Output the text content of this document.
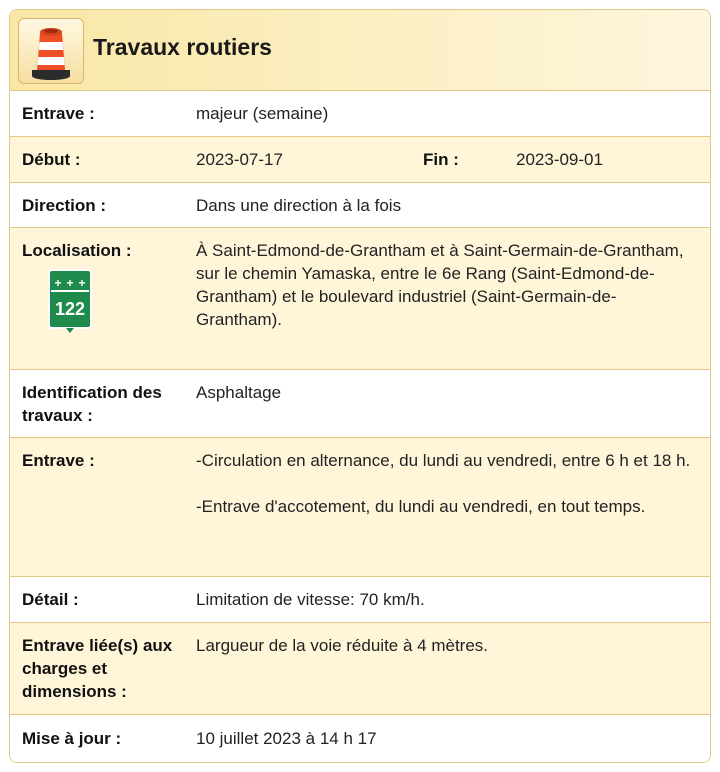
Travaux routiers
Entrave :	majeur (semaine)
Début :	2023-07-17	Fin :	2023-09-01
Direction :	Dans une direction à la fois
Localisation :
+ + +
122
À Saint-Edmond-de-Grantham et à Saint-Germain-de-Grantham, sur le chemin Yamaska, entre le 6e Rang (Saint-Edmond-de-Grantham) et le boulevard industriel (Saint-Germain-de-Grantham).
Identification des travaux :
Asphaltage
Entrave :	-Circulation en alternance, du lundi au vendredi, entre 6 h et 18 h.

-Entrave d'accotement, du lundi au vendredi, en tout temps.

Détail :	Limitation de vitesse: 70 km/h.
Entrave liée(s) aux charges et dimensions :
Largueur de la voie réduite à 4 mètres.
Mise à jour :	10 juillet 2023 à 14 h 17
